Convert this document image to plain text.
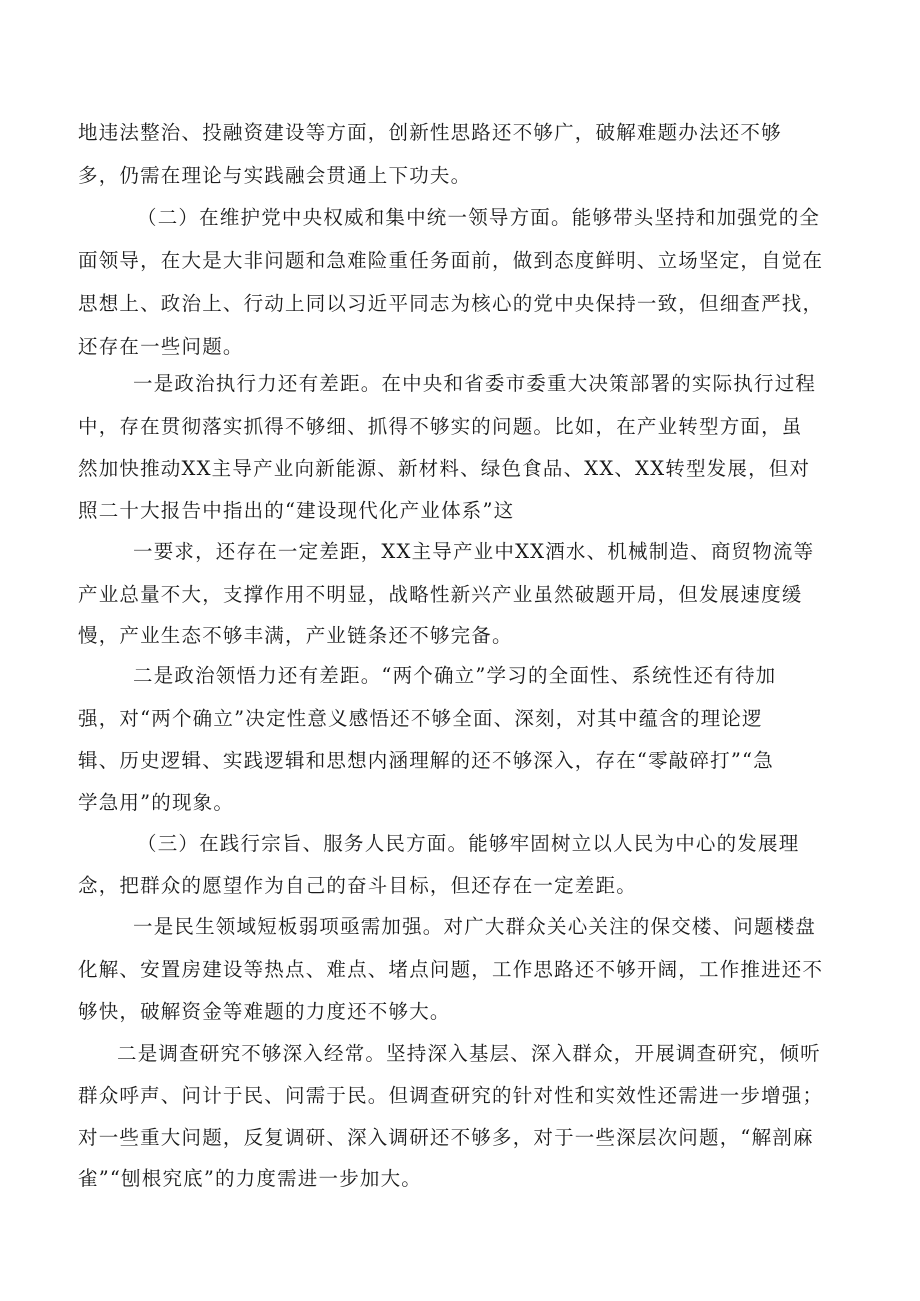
地违法整治、投融资建设等方面，创新性思路还不够广，破解难题办法还不够

多，仍需在理论与实践融会贯通上下功夫。

（二）在维护党中央权威和集中统一领导方面。能够带头坚持和加强党的全

面领导，在大是大非问题和急难险重任务面前，做到态度鲜明、立场坚定，自觉在

思想上、政治上、行动上同以习近平同志为核心的党中央保持一致，但细查严找，

还存在一些问题。

一是政治执行力还有差距。在中央和省委市委重大决策部署的实际执行过程

中，存在贯彻落实抓得不够细、抓得不够实的问题。比如，在产业转型方面，虽

然加快推动XX主导产业向新能源、新材料、绿色食品、XX、XX转型发展，但对

照二十大报告中指出的“建设现代化产业体系”这

一要求，还存在一定差距，XX主导产业中XX酒水、机械制造、商贸物流等

产业总量不大，支撑作用不明显，战略性新兴产业虽然破题开局，但发展速度缓

慢，产业生态不够丰满，产业链条还不够完备。

二是政治领悟力还有差距。“两个确立”学习的全面性、系统性还有待加

强，对“两个确立”决定性意义感悟还不够全面、深刻，对其中蕴含的理论逻

辑、历史逻辑、实践逻辑和思想内涵理解的还不够深入，存在“零敲碎打”“急

学急用”的现象。

（三）在践行宗旨、服务人民方面。能够牢固树立以人民为中心的发展理

念，把群众的愿望作为自己的奋斗目标，但还存在一定差距。

一是民生领域短板弱项亟需加强。对广大群众关心关注的保交楼、问题楼盘

化解、安置房建设等热点、难点、堵点问题，工作思路还不够开阔，工作推进还不

够快，破解资金等难题的力度还不够大。

二是调查研究不够深入经常。坚持深入基层、深入群众，开展调查研究，倾听

群众呼声、问计于民、问需于民。但调查研究的针对性和实效性还需进一步增强；

对一些重大问题，反复调研、深入调研还不够多，对于一些深层次问题，“解剖麻

雀”“刨根究底”的力度需进一步加大。
